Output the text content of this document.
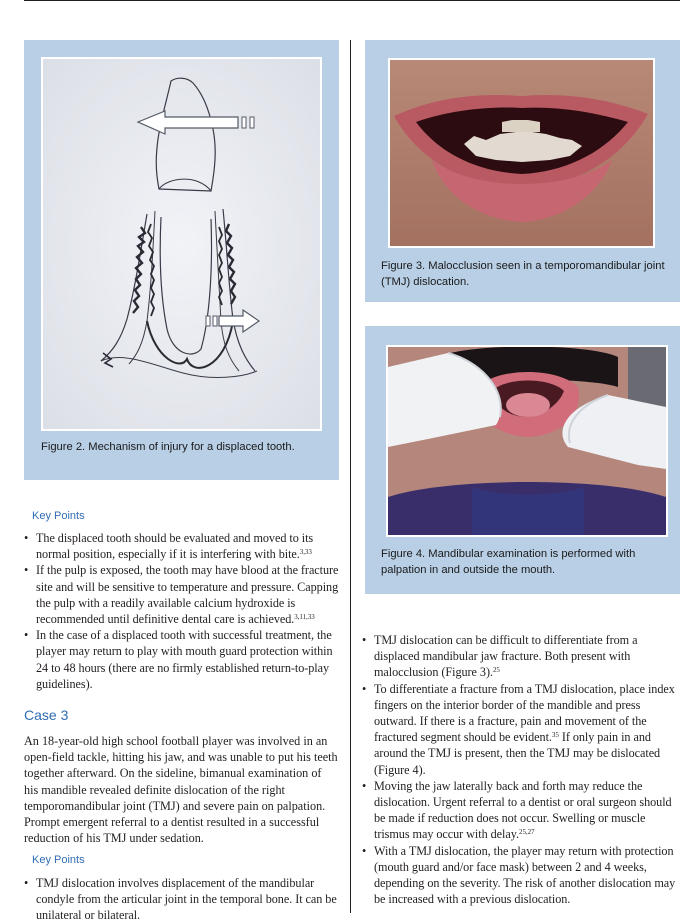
Figure 2. Mechanism of injury for a displaced tooth.
Figure 3. Malocclusion seen in a temporomandibular joint (TMJ) dislocation.
Figure 4. Mandibular examination is performed with palpation in and outside the mouth.
Key Points
• The displaced tooth should be evaluated and moved to its normal position, especially if it is interfering with bite.$^{3,33}$
• If the pulp is exposed, the tooth may have blood at the fracture site and will be sensitive to temperature and pressure. Capping the pulp with a readily available calcium hydroxide is recommended until definitive dental care is achieved.$^{3,11,33}$
• In the case of a displaced tooth with successful treatment, the player may return to play with mouth guard protection within 24 to 48 hours (there are no firmly established return-to-play guidelines).
Case 3

An 18-year-old high school football player was involved in an open-field tackle, hitting his jaw, and was unable to put his teeth together afterward. On the sideline, bimanual examination of his mandible revealed definite dislocation of the right temporomandibular joint (TMJ) and severe pain on palpation. Prompt emergent referral to a dentist resulted in a successful reduction of his TMJ under sedation.

Key Points
• TMJ dislocation involves displacement of the mandibular condyle from the articular joint in the temporal bone. It can be unilateral or bilateral.
• TMJ dislocation can be difficult to differentiate from a displaced mandibular jaw fracture. Both present with malocclusion (Figure 3).$^{25}$
• To differentiate a fracture from a TMJ dislocation, place index fingers on the interior border of the mandible and press outward. If there is a fracture, pain and movement of the fractured segment should be evident.$^{35}$ If only pain in and around the TMJ is present, then the TMJ may be dislocated (Figure 4).
• Moving the jaw laterally back and forth may reduce the dislocation. Urgent referral to a dentist or oral surgeon should be made if reduction does not occur. Swelling or muscle trismus may occur with delay.$^{25,27}$
• With a TMJ dislocation, the player may return with protection (mouth guard and/or face mask) between 2 and 4 weeks, depending on the severity. The risk of another dislocation may be increased with a previous dislocation.
